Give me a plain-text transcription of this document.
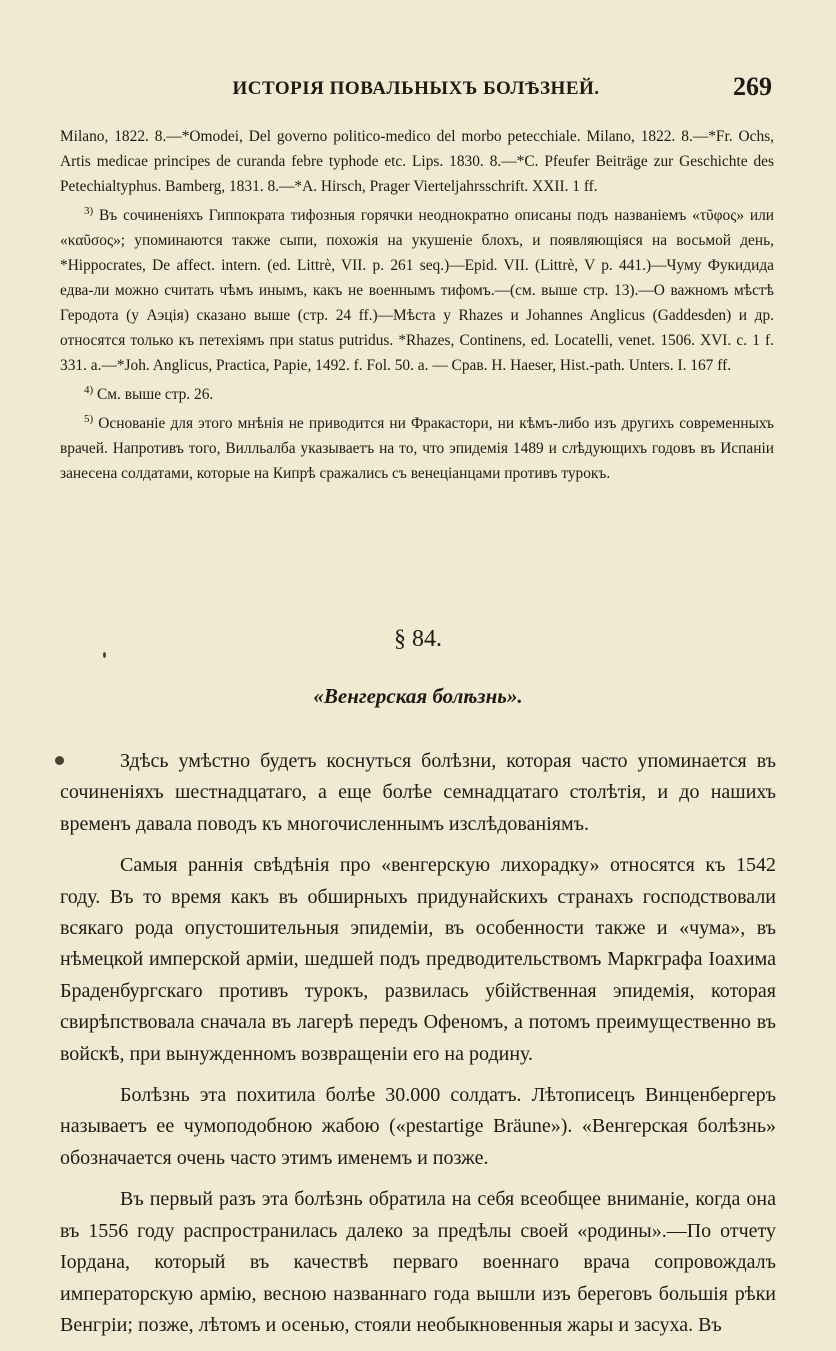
ИСТОРІЯ ПОВАЛЬНЫХЪ БОЛѢЗНЕЙ.	269

Milano, 1822. 8.—*Omodei, Del governo politico-medico del morbo petecchiale. Milano, 1822. 8.—*Fr. Ochs, Artis medicae principes de curanda febre typhode etc. Lips. 1830. 8.—*C. Pfeufer Beiträge zur Geschichte des Petechialtyphus. Bamberg, 1831. 8.—*A. Hirsch, Prager Vierteljahrsschrift. XXII. 1 ff.

$^{3)}$ Въ сочиненіяхъ Гиппократа тифозныя горячки неоднократно описаны подъ названіемъ «τῦφος» или «καῦσος»; упоминаются также сыпи, похожія на укушеніе блохъ, и появляющіяся на восьмой день, *Hippocrates, De affect. intern. (ed. Littrè, VII. p. 261 seq.)—Epid. VII. (Littrè, V p. 441.)—Чуму Фукидида едва-ли можно считать чѣмъ инымъ, какъ не военнымъ тифомъ.—(см. выше стр. 13).—О важномъ мѣстѣ Геродота (у Аэція) сказано выше (стр. 24 ff.)—Мѣста у Rhazes и Johannes Anglicus (Gaddesden) и др. относятся только къ петехіямъ при status putridus. *Rhazes, Continens, ed. Locatelli, venet. 1506. XVI. c. 1 f. 331. a.—*Joh. Anglicus, Practica, Papie, 1492. f. Fol. 50. a. — Срав. H. Haeser, Hist.-path. Unters. I. 167 ff.

$^{4)}$ См. выше стр. 26.

$^{5)}$ Основаніе для этого мнѣнія не приводится ни Фракастори, ни кѣмъ-либо изъ другихъ современныхъ врачей. Напротивъ того, Вилльалба указываетъ на то, что эпидемія 1489 и слѣдующихъ годовъ въ Испаніи занесена солдатами, которые на Кипрѣ сражались съ венеціанцами противъ турокъ.

§ 84.
«Венгерская болѣзнь».

Здѣсь умѣстно будетъ коснуться болѣзни, которая часто упоминается въ сочиненіяхъ шестнадцатаго, а еще болѣе семнадцатаго столѣтія, и до нашихъ временъ давала поводъ къ многочисленнымъ изслѣдованіямъ.

Самыя раннія свѣдѣнія про «венгерскую лихорадку» относятся къ 1542 году. Въ то время какъ въ обширныхъ придунайскихъ странахъ господствовали всякаго рода опустошительныя эпидеміи, въ особенности также и «чума», въ нѣмецкой имперской арміи, шедшей подъ предводительствомъ Маркграфа Іоахима Браденбургскаго противъ турокъ, развилась убійственная эпидемія, которая свирѣпствовала сначала въ лагерѣ передъ Офеномъ, а потомъ преимущественно въ войскѣ, при вынужденномъ возвращеніи его на родину.

Болѣзнь эта похитила болѣе 30.000 солдатъ. Лѣтописецъ Винценбергеръ называетъ ее чумоподобною жабою («pestartige Bräune»). «Венгерская болѣзнь» обозначается очень часто этимъ именемъ и позже.

Въ первый разъ эта болѣзнь обратила на себя всеобщее вниманіе, когда она въ 1556 году распространилась далеко за предѣлы своей «родины».—По отчету Іордана, который въ качествѣ перваго военнаго врача сопровождалъ императорскую армію, весною названнаго года вышли изъ береговъ большія рѣки Венгріи; позже, лѣтомъ и осенью, стояли необыкновенныя жары и засуха. Въ
